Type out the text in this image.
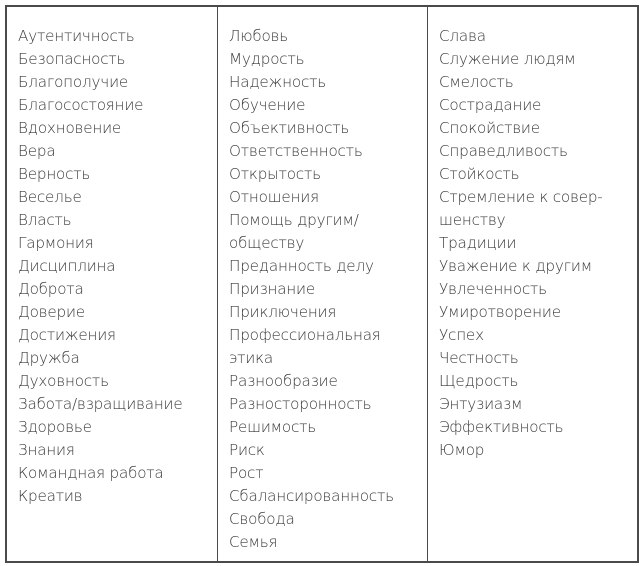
Аутентичность
Безопасность
Благополучие
Благосостояние
Вдохновение
Вера
Верность
Веселье
Власть
Гармония
Дисциплина
Доброта
Доверие
Достижения
Дружба
Духовность
Забота/взращивание
Здоровье
Знания
Командная работа
Креатив
Любовь
Мудрость
Надежность
Обучение
Объективность
Ответственность
Открытость
Отношения
Помощь другим/
обществу
Преданность делу
Признание
Приключения
Профессиональная
этика
Разнообразие
Разносторонность
Решимость
Риск
Рост
Сбалансированность
Свобода
Семья
Слава
Служение людям
Смелость
Сострадание
Спокойствие
Справедливость
Стойкость
Стремление к совер-
шенству
Традиции
Уважение к другим
Увлеченность
Умиротворение
Успех
Честность
Щедрость
Энтузиазм
Эффективность
Юмор
